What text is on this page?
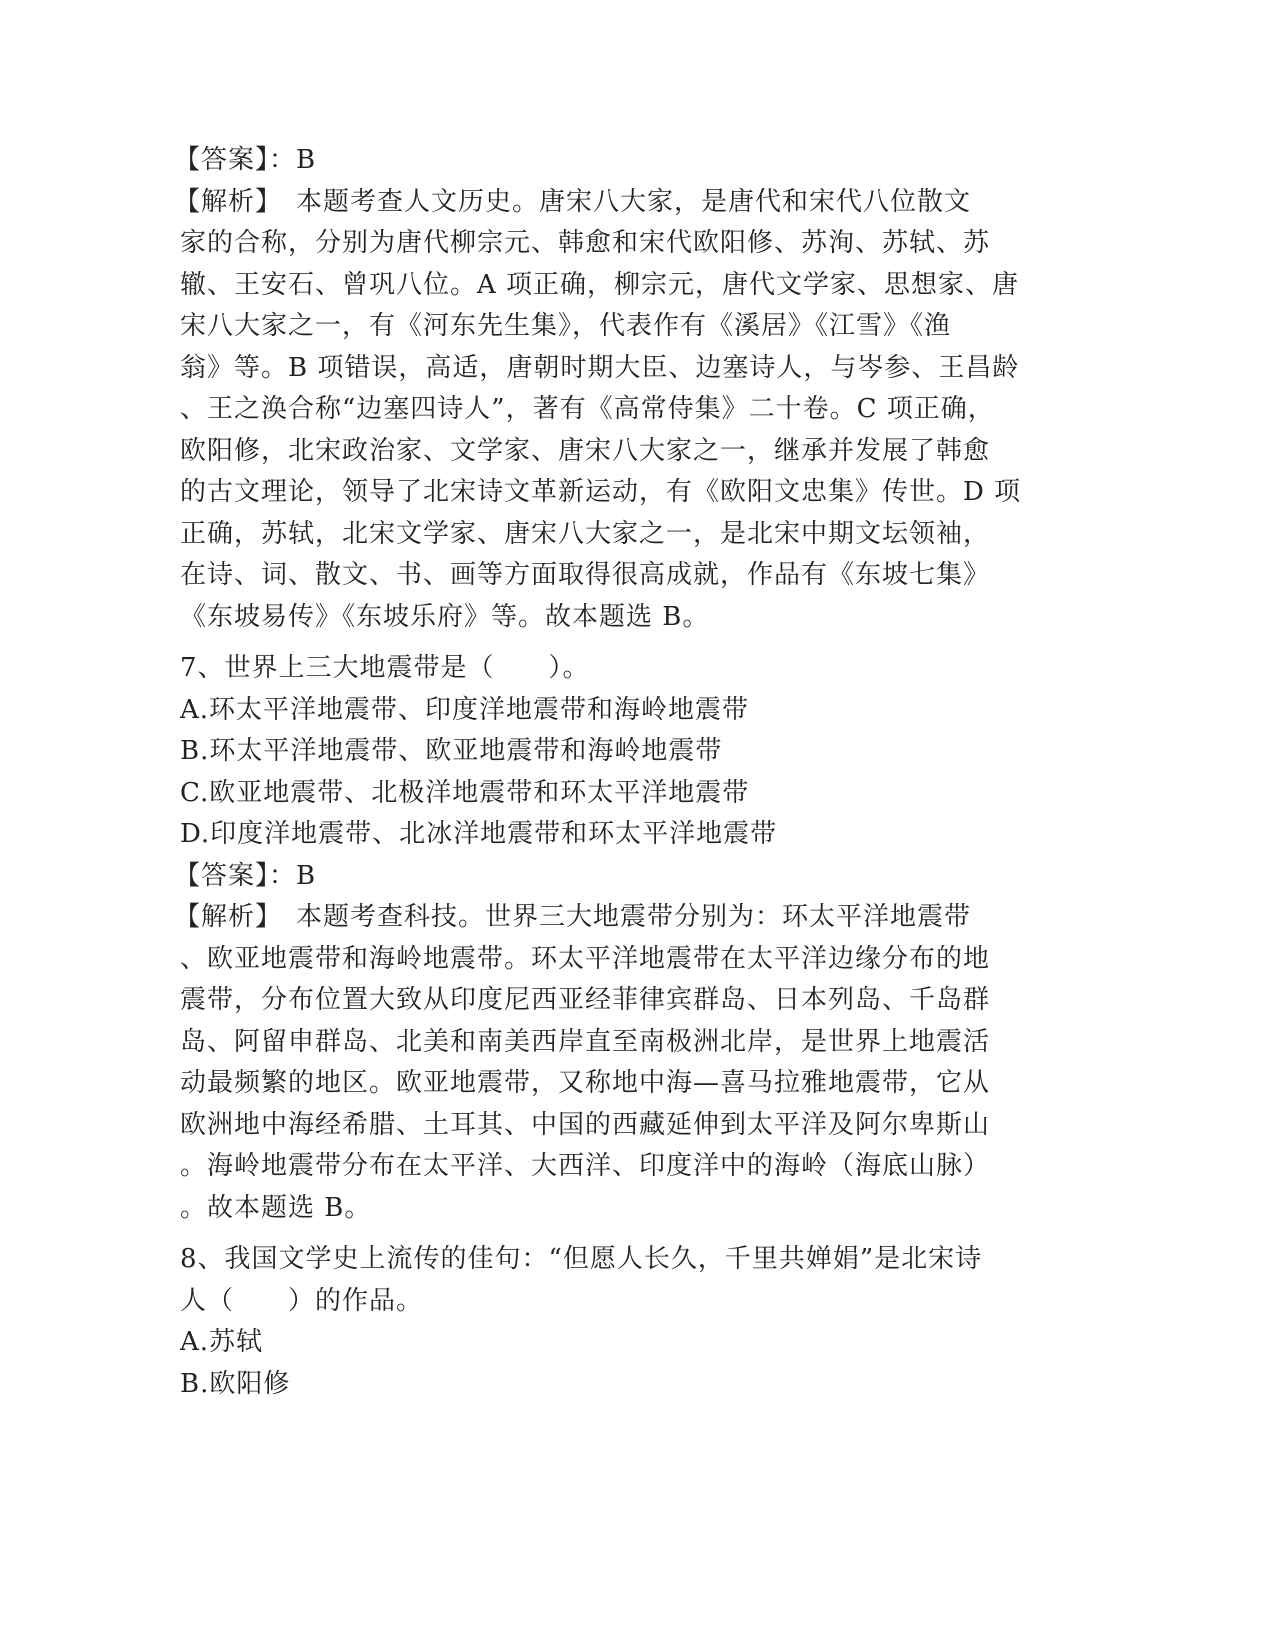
【答案】：B
【解析】　本题考查人文历史。唐宋八大家，是唐代和宋代八位散文
家的合称，分别为唐代柳宗元、韩愈和宋代欧阳修、苏洵、苏轼、苏
辙、王安石、曾巩八位。A 项正确，柳宗元，唐代文学家、思想家、唐
宋八大家之一，有《河东先生集》，代表作有《溪居》《江雪》《渔
翁》等。B 项错误，高适，唐朝时期大臣、边塞诗人，与岑参、王昌龄
、王之涣合称“边塞四诗人”，著有《高常侍集》二十卷。C 项正确，
欧阳修，北宋政治家、文学家、唐宋八大家之一，继承并发展了韩愈
的古文理论，领导了北宋诗文革新运动，有《欧阳文忠集》传世。D 项
正确，苏轼，北宋文学家、唐宋八大家之一，是北宋中期文坛领袖，
在诗、词、散文、书、画等方面取得很高成就，作品有《东坡七集》
《东坡易传》《东坡乐府》等。故本题选 B。
7、世界上三大地震带是（　　）。
A.环太平洋地震带、印度洋地震带和海岭地震带
B.环太平洋地震带、欧亚地震带和海岭地震带
C.欧亚地震带、北极洋地震带和环太平洋地震带
D.印度洋地震带、北冰洋地震带和环太平洋地震带
【答案】：B
【解析】　本题考查科技。世界三大地震带分别为：环太平洋地震带
、欧亚地震带和海岭地震带。环太平洋地震带在太平洋边缘分布的地
震带，分布位置大致从印度尼西亚经菲律宾群岛、日本列岛、千岛群
岛、阿留申群岛、北美和南美西岸直至南极洲北岸，是世界上地震活
动最频繁的地区。欧亚地震带，又称地中海—喜马拉雅地震带，它从
欧洲地中海经希腊、土耳其、中国的西藏延伸到太平洋及阿尔卑斯山
。海岭地震带分布在太平洋、大西洋、印度洋中的海岭（海底山脉）
。故本题选 B。
8、我国文学史上流传的佳句：“但愿人长久，千里共婵娟”是北宋诗
人（　　）的作品。
A.苏轼
B.欧阳修
